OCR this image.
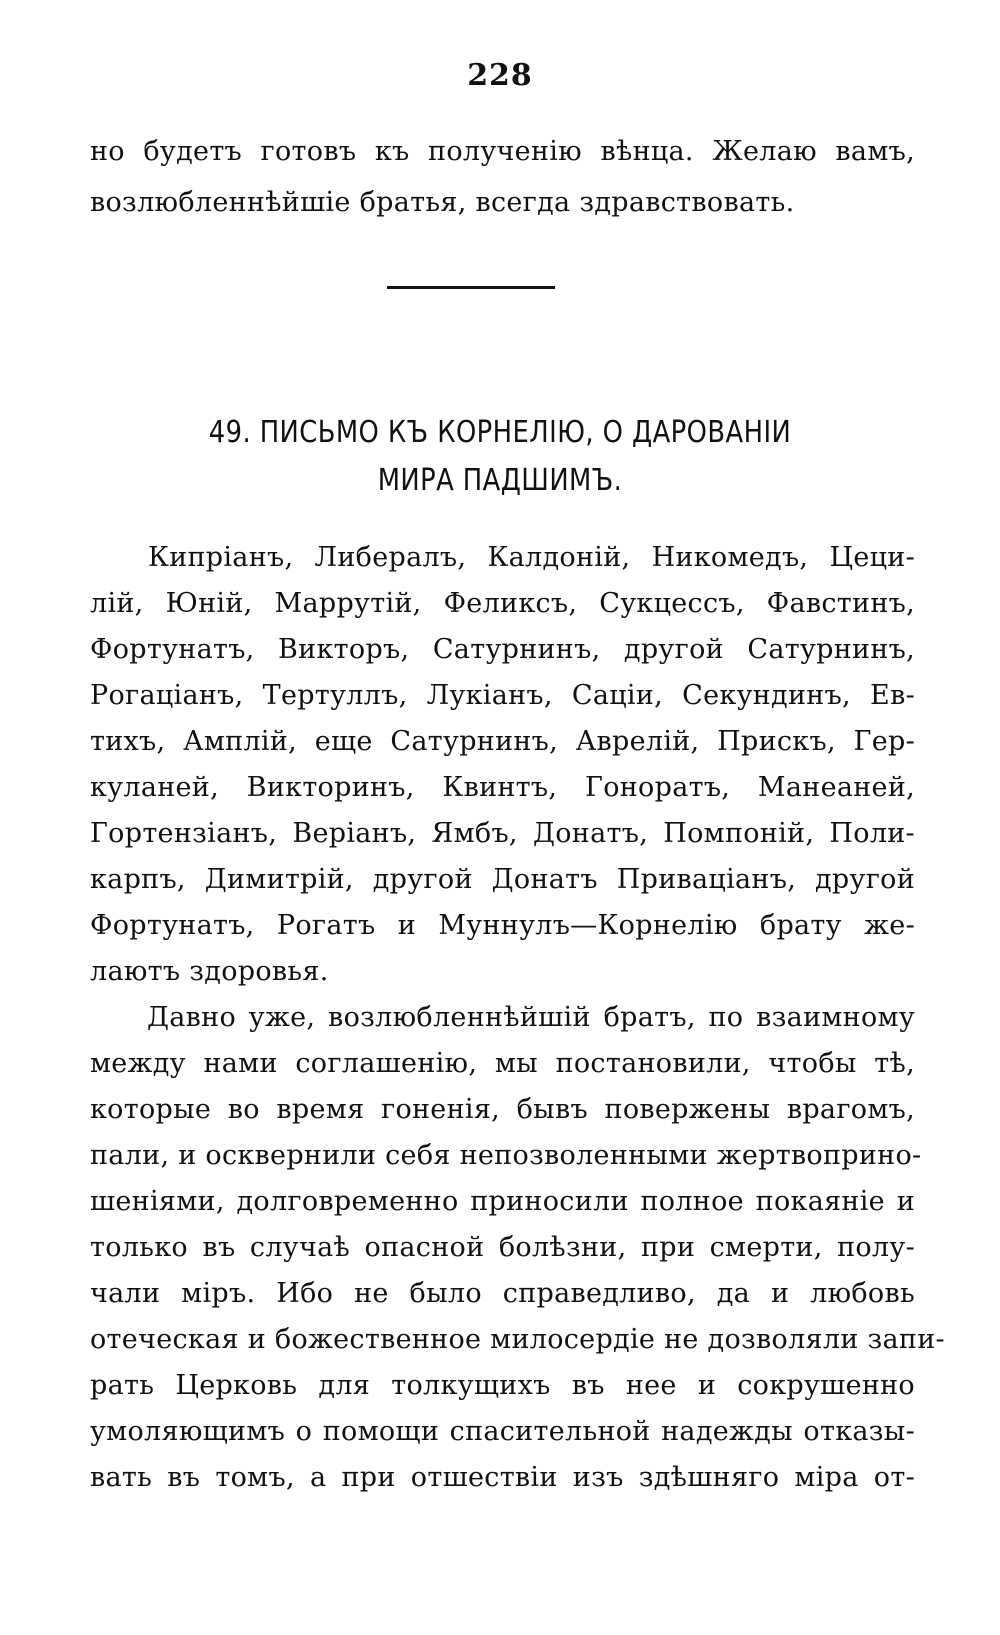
228
но будетъ готовъ къ полученію вѣнца. Желаю вамъ,
возлюбленнѣйшіе братья, всегда здравствовать.
49. ПИСЬМО КЪ КОРНЕЛІЮ, О ДАРОВАНІИ
МИРА ПАДШИМЪ.
Кипріанъ, Либералъ, Калдоній, Никомедъ, Цеци-
лій, Юній, Маррутій, Феликсъ, Сукцессъ, Фавстинъ,
Фортунатъ, Викторъ, Сатурнинъ, другой Сатурнинъ,
Рогаціанъ, Тертуллъ, Лукіанъ, Саціи, Секундинъ, Ев-
тихъ, Амплій, еще Сатурнинъ, Аврелій, Прискъ, Гер-
куланей, Викторинъ, Квинтъ, Гоноратъ, Манеаней,
Гортензіанъ, Веріанъ, Ямбъ, Донатъ, Помпоній, Поли-
карпъ, Димитрій, другой Донатъ Приваціанъ, другой
Фортунатъ, Рогатъ и Муннулъ—Корнелію брату же-
лаютъ здоровья.
Давно уже, возлюбленнѣйшій братъ, по взаимному
между нами соглашенію, мы постановили, чтобы тѣ,
которые во время гоненія, бывъ повержены врагомъ,
пали, и осквернили себя непозволенными жертвоприно-
шеніями, долговременно приносили полное покаяніе и
только въ случаѣ опасной болѣзни, при смерти, полу-
чали міръ. Ибо не было справедливо, да и любовь
отеческая и божественное милосердіе не дозволяли запи-
рать Церковь для толкущихъ въ нее и сокрушенно
умоляющимъ о помощи спасительной надежды отказы-
вать въ томъ, а при отшествіи изъ здѣшняго міра от-
